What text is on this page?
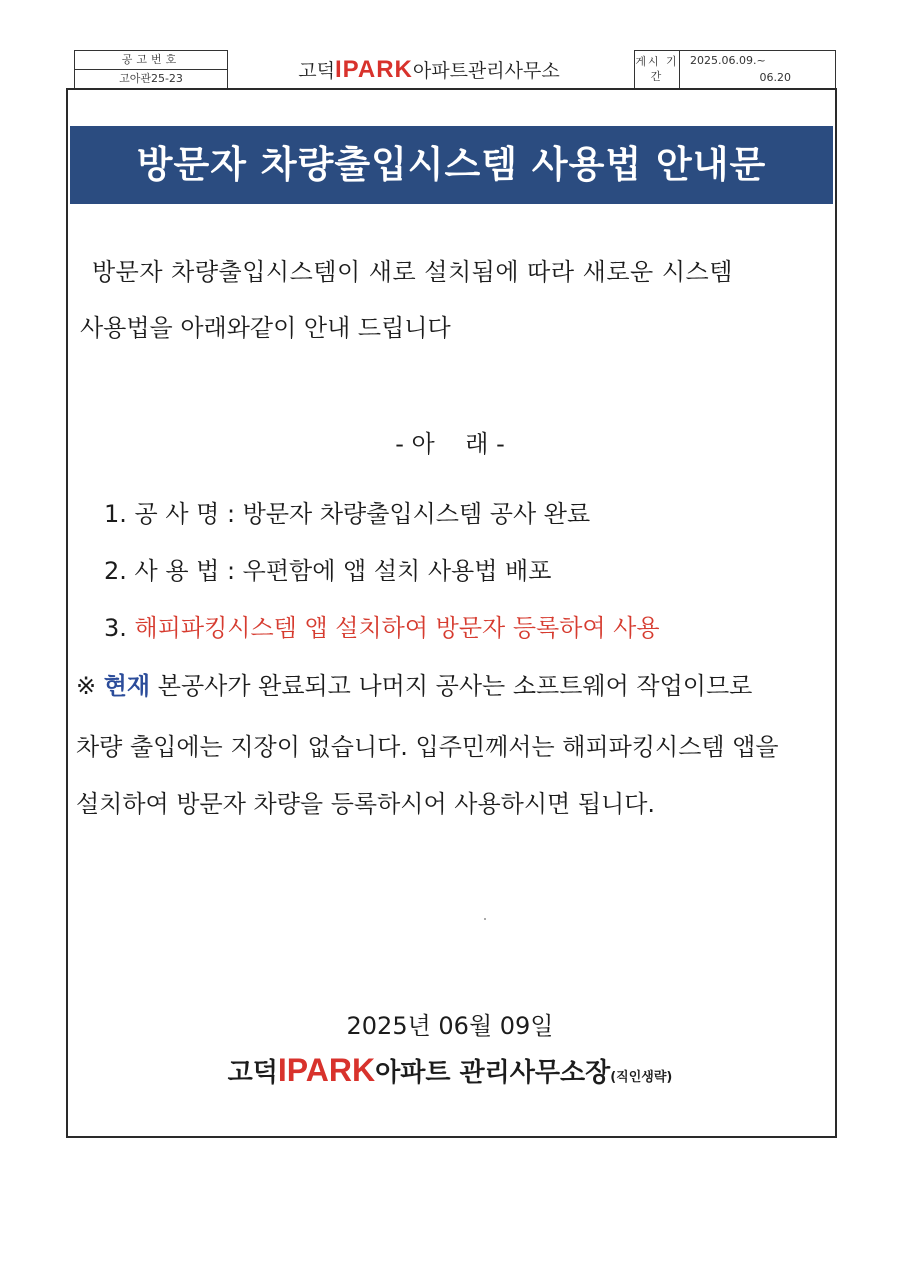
공고번호
고아관25-23	고덕IPARK아파트관리사무소	게시 기간
2025.06.09.~
06.20
방문자 차량출입시스템 사용법 안내문
방문자 차량출입시스템이 새로 설치됨에 따라 새로운 시스템
사용법을 아래와같이 안내 드립니다
- 아    래 -
1. 공 사 명 : 방문자 차량출입시스템 공사 완료
2. 사 용 법 : 우편함에 앱 설치 사용법 배포
3. 해피파킹시스템 앱 설치하여 방문자 등록하여 사용
※ 현재 본공사가 완료되고 나머지 공사는 소프트웨어 작업이므로
차량 출입에는 지장이 없습니다. 입주민께서는 해피파킹시스템 앱을
설치하여 방문자 차량을 등록하시어 사용하시면 됩니다.
2025년 06월 09일
고덕IPARK아파트 관리사무소장(직인생략)
